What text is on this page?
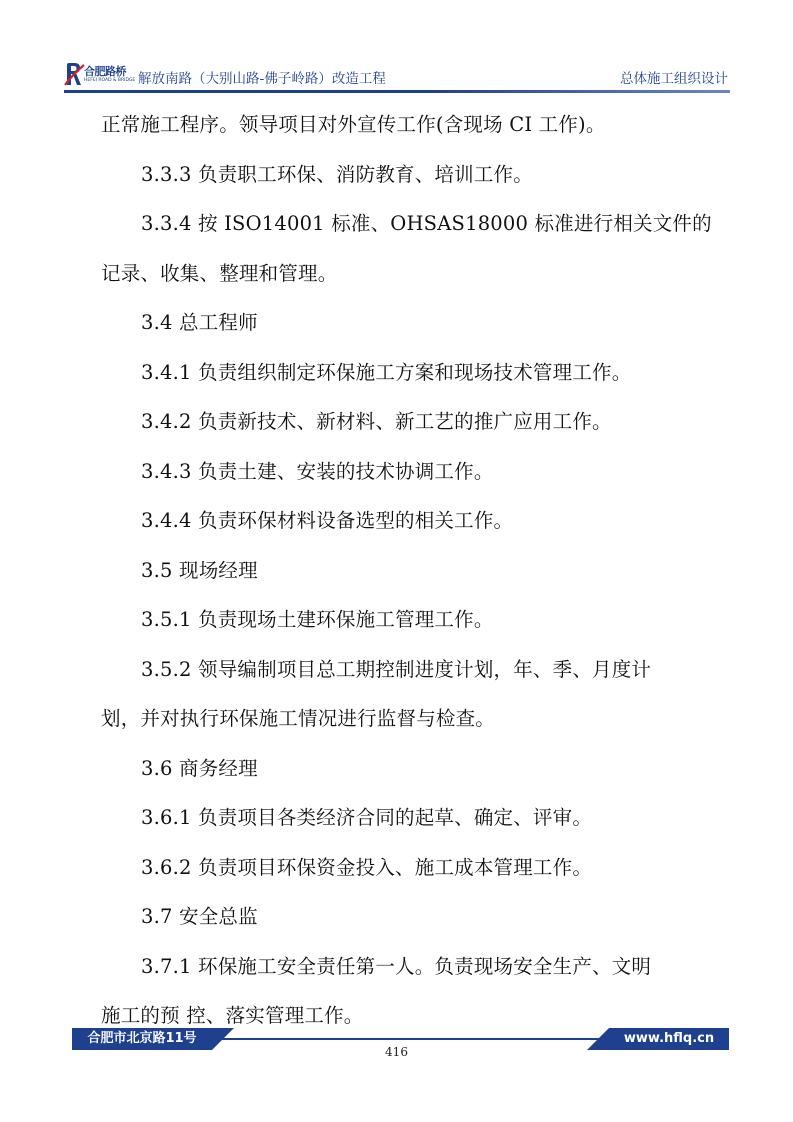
合肥路桥
HEFEI ROAD & BRIDGE 解放南路（大别山路-佛子岭路）改造工程	总体施工组织设计

正常施工程序。领导项目对外宣传工作(含现场 CI 工作)。

3.3.3 负责职工环保、消防教育、培训工作。

3.3.4 按 ISO14001 标准、OHSAS18000 标准进行相关文件的

记录、收集、整理和管理。

3.4 总工程师

3.4.1 负责组织制定环保施工方案和现场技术管理工作。

3.4.2 负责新技术、新材料、新工艺的推广应用工作。

3.4.3 负责土建、安装的技术协调工作。

3.4.4 负责环保材料设备选型的相关工作。

3.5 现场经理

3.5.1 负责现场土建环保施工管理工作。

3.5.2 领导编制项目总工期控制进度计划，年、季、月度计

划，并对执行环保施工情况进行监督与检查。

3.6 商务经理

3.6.1 负责项目各类经济合同的起草、确定、评审。

3.6.2 负责项目环保资金投入、施工成本管理工作。

3.7 安全总监

3.7.1 环保施工安全责任第一人。负责现场安全生产、文明

施工的预 控、落实管理工作。

合肥市北京路11号	www.hflq.cn
416
